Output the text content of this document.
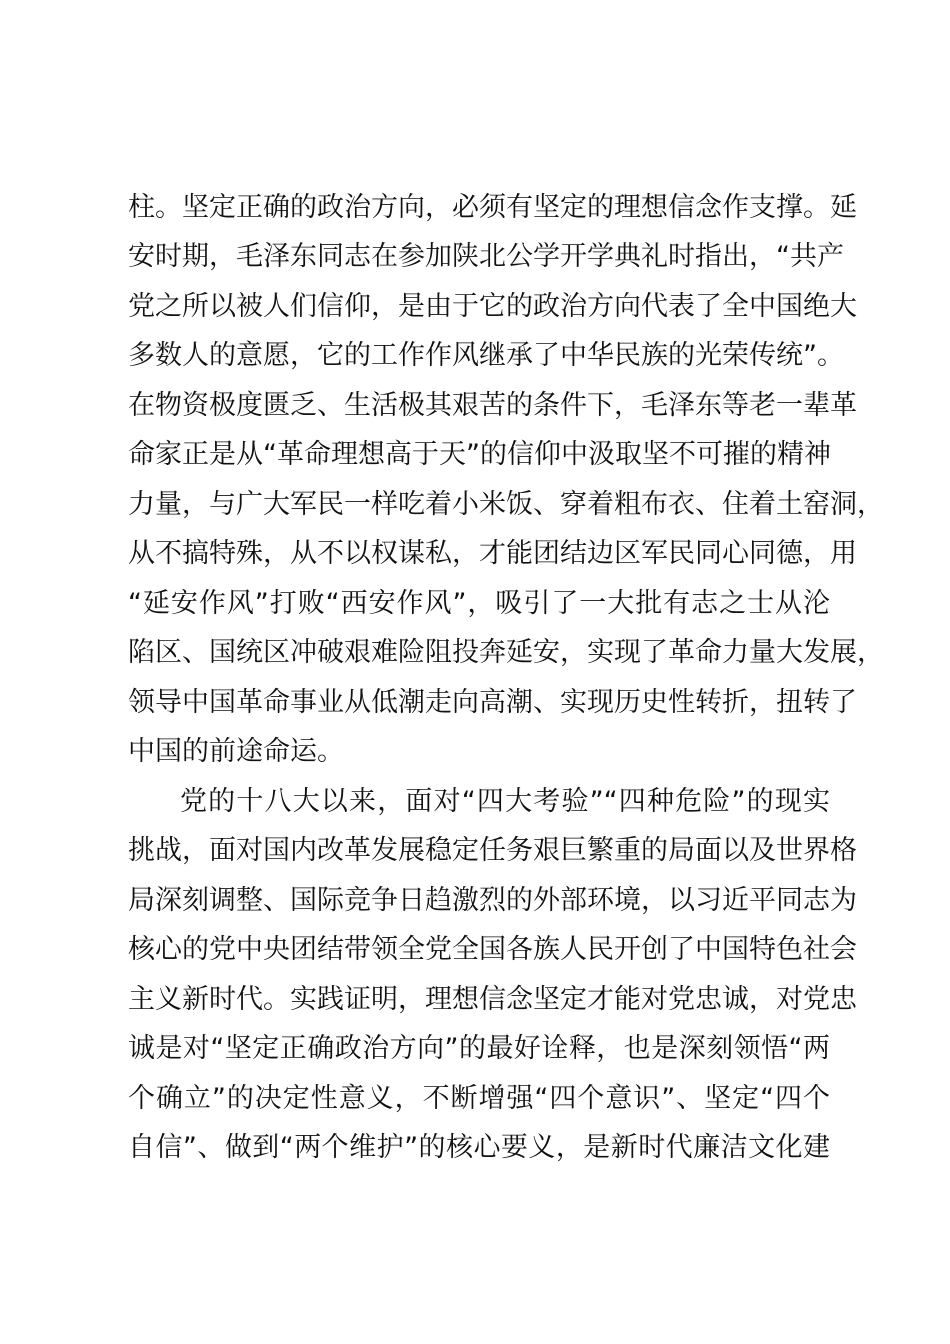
柱。坚定正确的政治方向，必须有坚定的理想信念作支撑。延
安时期，毛泽东同志在参加陕北公学开学典礼时指出，“共产
党之所以被人们信仰，是由于它的政治方向代表了全中国绝大
多数人的意愿，它的工作作风继承了中华民族的光荣传统”。
在物资极度匮乏、生活极其艰苦的条件下，毛泽东等老一辈革
命家正是从“革命理想高于天”的信仰中汲取坚不可摧的精神
力量，与广大军民一样吃着小米饭、穿着粗布衣、住着土窑洞，
从不搞特殊，从不以权谋私，才能团结边区军民同心同德，用
“延安作风”打败“西安作风”，吸引了一大批有志之士从沦
陷区、国统区冲破艰难险阻投奔延安，实现了革命力量大发展，
领导中国革命事业从低潮走向高潮、实现历史性转折，扭转了
中国的前途命运。
党的十八大以来，面对“四大考验”“四种危险”的现实
挑战，面对国内改革发展稳定任务艰巨繁重的局面以及世界格
局深刻调整、国际竞争日趋激烈的外部环境，以习近平同志为
核心的党中央团结带领全党全国各族人民开创了中国特色社会
主义新时代。实践证明，理想信念坚定才能对党忠诚，对党忠
诚是对“坚定正确政治方向”的最好诠释，也是深刻领悟“两
个确立”的决定性意义，不断增强“四个意识”、坚定“四个
自信”、做到“两个维护”的核心要义，是新时代廉洁文化建
